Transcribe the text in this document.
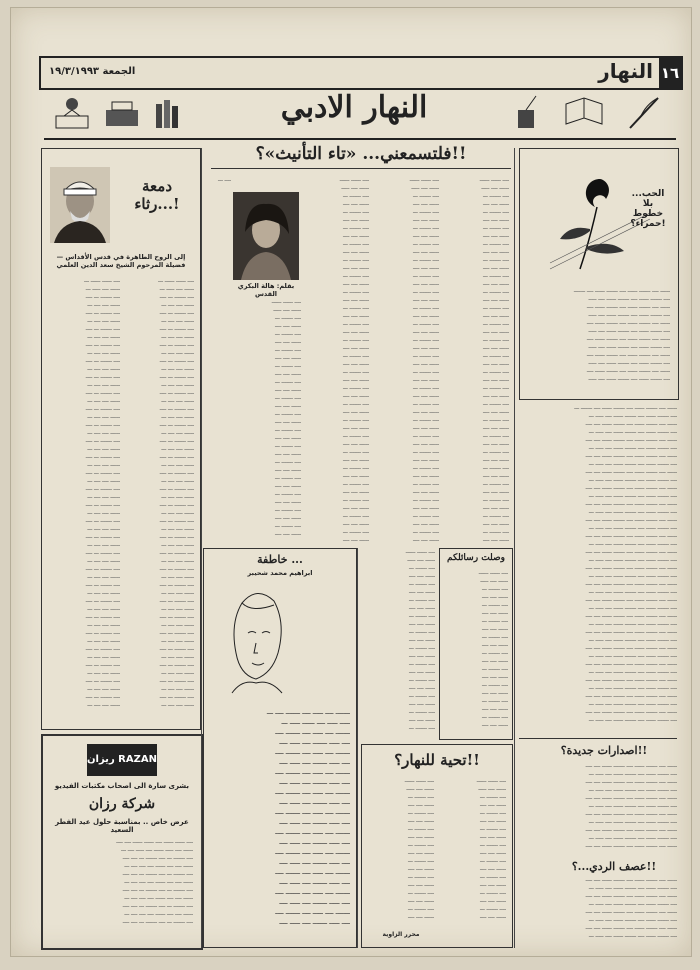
١٦
النهار
الجمعة ١٩/٣/١٩٩٣
النهار الادبي
فلتسمعني... «تاء التأنيث»؟!!
الحب... بلا خطوط حمراء؟!

ــــــ ــــ ـــــــ ــــــ ــــ ـــــــ ــــــ ــــ ـــــــ

ــــ ـــــــ ــــــ ــــ ـــــــ ــــــ ــــ ـــــ

ــــــ ــــ ـــــــ ــــــ ــــ ـــــــ ــــــ ــــ

ــــ ـــــــ ــــــ ــــ ـــــــ ــــــ ــــ ـــــ

ــــــ ــــ ـــــــ ــــــ ــــ ـــــــ ــــــ ــــ

ــــ ـــــــ ــــــ ــــ ـــــــ ــــــ ــــ ـــــ

ــــــ ــــ ـــــــ ــــــ ــــ ـــــــ ــــــ ــــ

ــــ ـــــــ ــــــ ــــ ـــــــ ــــــ ــــ ـــــ

ــــــ ــــ ـــــــ ــــــ ــــ ـــــــ ــــــ ــــ

ــــ ـــــــ ــــــ ــــ ـــــــ ــــــ ــــ ـــــ

ــــــ ــــ ـــــــ ــــــ ــــ ـــــــ ــــــ ــــ

ــــ ـــــــ ــــــ ــــ ـــــــ ــــــ ــــ ـــــ

ــــــ ــــ ـــــــ ــــــ ــــ ـــــــ ــــــ ــــ ـــــــ ـــ

ــــ ـــــــ ــــــ ــــ ـــــــ ــــــ ــــ ـــــ ـــ

ــــــ ــــ ـــــــ ــــــ ــــ ـــــــ ــــــ ــــ ــــ

ــــ ـــــــ ــــــ ــــ ـــــــ ــــــ ــــ ـــــ ـــ

ــــــ ــــ ـــــــ ــــــ ــــ ـــــــ ــــــ ــــ ــــ

ــــ ـــــــ ــــــ ــــ ـــــــ ــــــ ــــ ـــــ ـــ

ــــــ ــــ ـــــــ ــــــ ــــ ـــــــ ــــــ ــــ ــــ

ــــ ـــــــ ــــــ ــــ ـــــــ ــــــ ــــ ـــــ ـــ

ــــــ ــــ ـــــــ ــــــ ــــ ـــــــ ــــــ ــــ ــــ

ــــ ـــــــ ــــــ ــــ ـــــــ ــــــ ــــ ـــــ ـــ

ــــــ ــــ ـــــــ ــــــ ــــ ـــــــ ــــــ ــــ ــــ

ــــ ـــــــ ــــــ ــــ ـــــــ ــــــ ــــ ـــــ ـــ

ــــــ ــــ ـــــــ ــــــ ــــ ـــــــ ــــــ ــــ ــــ

ــــ ـــــــ ــــــ ــــ ـــــــ ــــــ ــــ ـــــ ـــ

ــــــ ــــ ـــــــ ــــــ ــــ ـــــــ ــــــ ــــ ــــ

ــــ ـــــــ ــــــ ــــ ـــــــ ــــــ ــــ ـــــ ـــ

ــــــ ــــ ـــــــ ــــــ ــــ ـــــــ ــــــ ــــ ــــ

ــــ ـــــــ ــــــ ــــ ـــــــ ــــــ ــــ ـــــ ـــ

ــــــ ــــ ـــــــ ــــــ ــــ ـــــــ ــــــ ــــ ــــ

ــــ ـــــــ ــــــ ــــ ـــــــ ــــــ ــــ ـــــ ـــ

ــــــ ــــ ـــــــ ــــــ ــــ ـــــــ ــــــ ــــ ــــ

ــــ ـــــــ ــــــ ــــ ـــــــ ــــــ ــــ ـــــ ـــ

ــــــ ــــ ـــــــ ــــــ ــــ ـــــــ ــــــ ــــ ــــ

ــــ ـــــــ ــــــ ــــ ـــــــ ــــــ ــــ ـــــ ـــ

ــــــ ــــ ـــــــ ــــــ ــــ ـــــــ ــــــ ــــ ــــ

ــــ ـــــــ ــــــ ــــ ـــــــ ــــــ ــــ ـــــ ـــ

ــــــ ــــ ـــــــ ــــــ ــــ ـــــــ ــــــ ــــ ــــ

ــــ ـــــــ ــــــ ــــ ـــــــ ــــــ ــــ ـــــ ـــ

ــــــ ــــ ـــــــ ــــــ ــــ ـــــــ ــــــ ــــ ــــ

ــــ ـــــــ ــــــ ــــ ـــــــ ــــــ ــــ ـــــ ـــ

ــــــ ــــ ـــــــ ــــــ ــــ ـــــــ ــــــ ــــ ــــ

ــــ ـــــــ ــــــ ــــ ـــــــ ــــــ ــــ ـــــ ـــ

ــــــ ــــ ـــــــ ــــــ ــــ ـــــــ ــــــ ــــ ــــ

ــــ ـــــــ ــــــ ــــ ـــــــ ــــــ ــــ ـــــ ـــ

ــــــ ــــ ـــــــ ــــــ ــــ ـــــــ ــــــ ــــ ــــ

ــــ ـــــــ ــــــ ــــ ـــــــ ــــــ ــــ ـــــ ـــ

ــــــ ــــ ـــــــ ــــــ ــــ ـــــــ ــــــ ــــ ــــ

ــــ ـــــــ ــــــ ــــ ـــــــ ــــــ ــــ ـــــ ـــ

ــــــ ــــ ـــــــ ــــــ ــــ ـــــــ ــــــ ــــ ــــ

ــــ ـــــــ ــــــ ــــ ـــــــ ــــــ ــــ ـــــ ـــ

اصدارات جديدة؟!!

ــــــ ــــ ـــــــ ــــــ ــــ ـــــــ ــــــ ــــ ــــ

ــــ ـــــــ ــــــ ــــ ـــــــ ــــــ ــــ ـــــ ـــ

ــــــ ــــ ـــــــ ــــــ ــــ ـــــــ ــــــ ــــ ــــ

ــــ ـــــــ ــــــ ــــ ـــــــ ــــــ ــــ ـــــ ـــ

ــــــ ــــ ـــــــ ــــــ ــــ ـــــــ ــــــ ــــ ــــ

ــــ ـــــــ ــــــ ــــ ـــــــ ــــــ ــــ ـــــ ـــ

ــــــ ــــ ـــــــ ــــــ ــــ ـــــــ ــــــ ــــ ــــ

ــــ ـــــــ ــــــ ــــ ـــــــ ــــــ ــــ ـــــ ـــ

ــــــ ــــ ـــــــ ــــــ ــــ ـــــــ ــــــ ــــ ــــ

ــــ ـــــــ ــــــ ــــ ـــــــ ــــــ ــــ ـــــ ـــ

ــــــ ــــ ـــــــ ــــــ ــــ ـــــــ ــــــ ــــ ــــ

عصف الردي...؟!!

ــــــ ــــ ـــــــ ــــــ ــــ ـــــــ ــــــ ــــ ــــ

ــــ ـــــــ ــــــ ــــ ـــــــ ــــــ ــــ ـــــ ـــ

ــــــ ــــ ـــــــ ــــــ ــــ ـــــــ ــــــ ــــ ــــ

ــــ ـــــــ ــــــ ــــ ـــــــ ــــــ ــــ ـــــ ـــ

ــــــ ــــ ـــــــ ــــــ ــــ ـــــــ ــــــ ــــ ــــ

ــــ ـــــــ ــــــ ــــ ـــــــ ــــــ ــــ ـــــ ـــ

ــــــ ــــ ـــــــ ــــــ ــــ ـــــــ ــــــ ــــ ــــ

ــــ ـــــــ ــــــ ــــ ـــــــ ــــــ ــــ ـــــ ـــ

ــــ ــــــ ــــــ

ــــــ ــــ ـــــ

ــــ ـــــــ ـــ

ــــــ ــــ ــــ

ــــ ـــــــ ـــ

ــــــ ــــ ــــ

ــــ ـــــــ ـــ

ــــــ ــــ ــــ

ــــ ـــــــ ـــ

ــــــ ــــ ــــ

ــــ ـــــــ ـــ

ــــــ ــــ ــــ

ــــ ـــــــ ـــ

ــــــ ــــ ــــ

ــــ ـــــــ ـــ

ــــــ ــــ ــــ

ــــ ـــــــ ـــ

ــــــ ــــ ــــ

ــــ ـــــــ ـــ

ــــــ ــــ ــــ

ــــ ـــــــ ـــ

ــــــ ــــ ــــ

ــــ ـــــــ ـــ

ــــــ ــــ ــــ

ــــ ـــــــ ـــ

ــــــ ــــ ــــ

ــــ ـــــــ ـــ

ــــــ ــــ ــــ

ــــ ـــــــ ـــ

ــــــ ــــ ــــ

ــــ ـــــــ ـــ

ــــــ ــــ ــــ

ــــ ـــــــ ـــ

ــــــ ــــ ــــ

ــــ ـــــــ ـــ

ــــــ ــــ ــــ

ــــ ـــــــ ـــ

ــــــ ــــ ــــ

ــــ ـــــــ ـــ

ــــــ ــــ ــــ

ــــ ـــــــ ـــ

ــــــ ــــ ــــ

ــــ ـــــــ ـــ

ــــــ ــــ ــــ

ــــ ـــــــ ـــ

ــــــ ــــ ــــ

ــــ ــــــ ــــــ

ــــــ ــــ ـــــ

ــــ ـــــــ ـــ

ــــــ ــــ ــــ

ــــ ـــــــ ـــ

ــــــ ــــ ــــ

ــــ ـــــــ ـــ

ــــــ ــــ ــــ

ــــ ـــــــ ـــ

ــــــ ــــ ــــ

ــــ ـــــــ ـــ

ــــــ ــــ ــــ

ــــ ـــــــ ـــ

ــــــ ــــ ــــ

ــــ ـــــــ ـــ

ــــــ ــــ ــــ

ــــ ـــــــ ـــ

ــــــ ــــ ــــ

ــــ ـــــــ ـــ

ــــــ ــــ ــــ

ــــ ـــــــ ـــ

ــــــ ــــ ــــ

ــــ ـــــــ ـــ

ــــــ ــــ ــــ

ــــ ـــــــ ـــ

ــــــ ــــ ــــ

ــــ ـــــــ ـــ

ــــــ ــــ ــــ

ــــ ـــــــ ـــ

ــــــ ــــ ــــ

ــــ ـــــــ ـــ

ــــــ ــــ ــــ

ــــ ـــــــ ـــ

ــــــ ــــ ــــ

ــــ ـــــــ ـــ

ــــــ ــــ ــــ

ــــ ـــــــ ـــ

ــــــ ــــ ــــ

ــــ ـــــــ ـــ

ــــــ ــــ ــــ

ــــ ـــــــ ـــ

ــــــ ــــ ــــ

ــــ ـــــــ ـــ

ــــــ ــــ ــــ

ــــ ـــــــ ـــ

ــــــ ــــ ــــ

ــــ ــــــ ــــــ

ــــــ ــــ ـــــ

ــــ ـــــــ ـــ

ــــــ ــــ ــــ

ــــ ـــــــ ـــ

ــــــ ــــ ــــ

ــــ ـــــــ ـــ

ــــــ ــــ ــــ

ــــ ـــــــ ـــ

ــــــ ــــ ــــ

ــــ ـــــــ ـــ

ــــــ ــــ ــــ

ــــ ـــــــ ـــ

ــــــ ــــ ــــ

ــــ ـــــــ ـــ

ــــــ ــــ ــــ

ــــ ـــــــ ـــ

ــــــ ــــ ــــ

ــــ ـــــــ ـــ

ــــــ ــــ ــــ

ــــ ـــــــ ـــ

ــــــ ــــ ــــ

ــــ ـــــــ ـــ

ــــــ ــــ ــــ

ــــ ـــــــ ـــ

ــــــ ــــ ــــ

ــــ ـــــــ ـــ

ــــــ ــــ ــــ

ــــ ـــــــ ـــ

ــــــ ــــ ــــ

ــــ ـــــــ ـــ

ــــــ ــــ ــــ

ــــ ـــــــ ـــ

ــــــ ــــ ــــ

ــــ ـــــــ ـــ

ــــــ ــــ ــــ

ــــ ـــــــ ـــ

ــــــ ــــ ــــ

ــــ ـــــــ ـــ

ــــــ ــــ ــــ

ــــ ـــــــ ـــ

ــــــ ــــ ــــ

ــــ ـــــــ ـــ

ــــــ ــــ ــــ

ــــ ـــــــ ـــ

ــــــ ــــ ــــ

بقلم: هالة البكري القدس

ــــ ــــــ ــــــ

ــــــ ــــ ـــــ

ــــ ـــــــ ـــ

ــــــ ــــ ــــ

ــــ ـــــــ ـــ

ــــــ ــــ ــــ

ــــ ـــــــ ـــ

ــــــ ــــ ــــ

ــــ ـــــــ ـــ

ــــــ ــــ ــــ

ــــ ـــــــ ـــ

ــــــ ــــ ــــ

ــــ ـــــــ ـــ

ــــــ ــــ ــــ

ــــ ـــــــ ـــ

ــــــ ــــ ــــ

ــــ ـــــــ ـــ

ــــــ ــــ ــــ

ــــ ـــــــ ـــ

ــــــ ــــ ــــ

ــــ ـــــــ ـــ

ــــــ ــــ ــــ

ــــ ـــــــ ـــ

ــــــ ــــ ــــ

ــــ ـــــــ ـــ

ــــــ ــــ ــــ

ــــ ـــــــ ـــ

ــــــ ــــ ــــ

ــــ ـــــــ ـــ

ــــــ ــــ ــــ

ــــ ـــ

دمعة رثاء...!
إلى الروح الطاهرة في قدس الأقداس — فضيلة المرحوم الشيخ سعد الدين العلمي

ــــ ــــــ ــــــ ـــ

ــــــ ــــ ـــــ ـــ

ــــ ـــــــ ـــ ــــ

ــــــ ــــ ــــ ـــ

ــــ ـــــــ ـــ ــــ

ــــــ ــــ ــــ ـــ

ــــ ـــــــ ـــ ــــ

ــــــ ــــ ــــ ـــ

ــــ ـــــــ ـــ ــــ

ــــــ ــــ ــــ ـــ

ــــ ـــــــ ـــ ــــ

ــــــ ــــ ــــ ـــ

ــــ ـــــــ ـــ ــــ

ــــــ ــــ ــــ ـــ

ــــ ـــــــ ـــ ــــ

ــــــ ــــ ــــ ـــ

ــــ ـــــــ ـــ ــــ

ــــــ ــــ ــــ ـــ

ــــ ـــــــ ـــ ــــ

ــــــ ــــ ــــ ـــ

ــــ ـــــــ ـــ ــــ

ــــــ ــــ ــــ ـــ

ــــ ـــــــ ـــ ــــ

ــــــ ــــ ــــ ـــ

ــــ ـــــــ ـــ ــــ

ــــــ ــــ ــــ ـــ

ــــ ـــــــ ـــ ــــ

ــــــ ــــ ــــ ـــ

ــــ ـــــــ ـــ ــــ

ــــــ ــــ ــــ ـــ

ــــ ـــــــ ـــ ــــ

ــــــ ــــ ــــ ـــ

ــــ ـــــــ ـــ ــــ

ــــــ ــــ ــــ ـــ

ــــ ـــــــ ـــ ــــ

ــــــ ــــ ــــ ـــ

ــــ ـــــــ ـــ ــــ

ــــــ ــــ ــــ ـــ

ــــ ـــــــ ـــ ــــ

ــــــ ــــ ــــ ـــ

ــــ ـــــــ ـــ ــــ

ــــــ ــــ ــــ ـــ

ــــ ـــــــ ـــ ــــ

ــــــ ــــ ــــ ـــ

ــــ ـــــــ ـــ ــــ

ــــــ ــــ ــــ ـــ

ــــ ـــــــ ـــ ــــ

ــــــ ــــ ــــ ـــ

ــــ ـــــــ ـــ ــــ

ــــــ ــــ ــــ ـــ

ــــ ـــــــ ـــ ــــ

ــــــ ــــ ــــ ـــ

ــــ ـــــــ ـــ ــــ

ــــــ ــــ ــــ ـــ

ــــ ــــــ ــــــ ـــ

ــــــ ــــ ـــــ ـــ

ــــ ـــــــ ـــ ــــ

ــــــ ــــ ــــ ـــ

ــــ ـــــــ ـــ ــــ

ــــــ ــــ ــــ ـــ

ــــ ـــــــ ـــ ــــ

ــــــ ــــ ــــ ـــ

ــــ ـــــــ ـــ ــــ

ــــــ ــــ ــــ ـــ

ــــ ـــــــ ـــ ــــ

ــــــ ــــ ــــ ـــ

ــــ ـــــــ ـــ ــــ

ــــــ ــــ ــــ ـــ

ــــ ـــــــ ـــ ــــ

ــــــ ــــ ــــ ـــ

ــــ ـــــــ ـــ ــــ

ــــــ ــــ ــــ ـــ

ــــ ـــــــ ـــ ــــ

ــــــ ــــ ــــ ـــ

ــــ ـــــــ ـــ ــــ

ــــــ ــــ ــــ ـــ

ــــ ـــــــ ـــ ــــ

ــــــ ــــ ــــ ـــ

ــــ ـــــــ ـــ ــــ

ــــــ ــــ ــــ ـــ

ــــ ـــــــ ـــ ــــ

ــــــ ــــ ــــ ـــ

ــــ ـــــــ ـــ ــــ

ــــــ ــــ ــــ ـــ

ــــ ـــــــ ـــ ــــ

ــــــ ــــ ــــ ـــ

ــــ ـــــــ ـــ ــــ

ــــــ ــــ ــــ ـــ

ــــ ـــــــ ـــ ــــ

ــــــ ــــ ــــ ـــ

ــــ ـــــــ ـــ ــــ

ــــــ ــــ ــــ ـــ

ــــ ـــــــ ـــ ــــ

ــــــ ــــ ــــ ـــ

ــــ ـــــــ ـــ ــــ

ــــــ ــــ ــــ ـــ

ــــ ـــــــ ـــ ــــ

ــــــ ــــ ــــ ـــ

ــــ ـــــــ ـــ ــــ

ــــــ ــــ ــــ ـــ

ــــ ـــــــ ـــ ــــ

ــــــ ــــ ــــ ـــ

ــــ ـــــــ ـــ ــــ

ــــــ ــــ ــــ ـــ

ــــ ـــــــ ـــ ــــ

ــــــ ــــ ــــ ـــ

ــــ ـــــــ ـــ ــــ

ــــــ ــــ ــــ ـــ

ريزان RAZAN
بشرى سارة الى اصحاب مكتبات الفيديو
شركة رزان
عرض خاص .. بمناسبة حلول عيد الفطر السعيد

ــــ ــــــ ــــــ ــــ ــــــ ــــــ ــــ ــــ

ــــــ ــــ ـــــ ــــــ ــــ ـــــ ــــ ـــ

ــــ ـــــــ ـــ ــــ ـــــــ ـــ ــــ ــــ

ــــــ ــــ ــــ ــــــ ــــ ــــ ــــ ـــ

ــــ ـــــــ ـــ ــــ ـــــــ ـــ ــــ ــــ

ــــــ ــــ ــــ ــــــ ــــ ــــ ــــ ـــ

ــــ ـــــــ ـــ ــــ ـــــــ ـــ ــــ ــــ

ــــــ ــــ ــــ ــــــ ــــ ــــ ــــ ـــ

ــــ ـــــــ ـــ ــــ ـــــــ ـــ ــــ ــــ

ــــــ ــــ ــــ ــــــ ــــ ــــ ــــ ـــ

ــــ ـــــــ ـــ ــــ ـــــــ ـــ ــــ ــــ

خاطفة ...
ابراهيم محمد شحيبر

ـــــــ ــــ ـــــ ــــ ـــــــ ــــ ـــ

ـــــ ـــــ ــــ ــــــ ـــــ ـــ

ـــــــ ــــ ـــــ ــــ ـــــــ ــــ

ــــ ـــــ ـــــــ ــــ ـــــ ــــ

ـــــــ ــــ ـــــ ــــ ـــــــ ــــ

ــــ ـــــ ـــــــ ــــ ـــــ ــــ

ـــــــ ــــ ـــــ ــــ ـــــــ ــــ

ــــ ـــــ ـــــــ ــــ ـــــ ــــ

ـــــــ ــــ ـــــ ــــ ـــــــ ــــ

ــــ ـــــ ـــــــ ــــ ـــــ ــــ

ـــــــ ــــ ـــــ ــــ ـــــــ ــــ

ــــ ـــــ ـــــــ ــــ ـــــ ــــ

ـــــــ ــــ ـــــ ــــ ـــــــ ــــ

ــــ ـــــ ـــــــ ــــ ـــــ ــــ

ـــــــ ــــ ـــــ ــــ ـــــــ ــــ

ــــ ـــــ ـــــــ ــــ ـــــ ــــ

ـــــــ ــــ ـــــ ــــ ـــــــ ــــ

ــــ ـــــ ـــــــ ــــ ـــــ ــــ

ـــــــ ــــ ـــــ ــــ ـــــــ ــــ

ــــ ـــــ ـــــــ ــــ ـــــ ــــ

ـــــــ ــــ ـــــ ــــ ـــــــ ــــ

ــــ ـــــ ـــــــ ــــ ـــــ ــــ

ــــ ــــــ ــــــ

ــــــ ــــ ـــــ

ــــ ـــــــ ـــ

ــــــ ــــ ــــ

ــــ ـــــــ ـــ

ــــــ ــــ ــــ

ــــ ـــــــ ـــ

ــــــ ــــ ــــ

ــــ ـــــــ ـــ

ــــــ ــــ ــــ

ــــ ـــــــ ـــ

ــــــ ــــ ــــ

ــــ ـــــــ ـــ

ــــــ ــــ ــــ

ــــ ـــــــ ـــ

ــــــ ــــ ــــ

ــــ ـــــــ ـــ

ــــــ ــــ ــــ

ــــ ـــــــ ـــ

ــــــ ــــ ــــ

ــــ ـــــــ ـــ

ــــــ ــــ ــــ

ــــ ـــــــ ـــ

وصلت رسائلكم

ــــ ــــــ ــــــ

ــــــ ــــ ـــــ

ــــ ـــــــ ـــ

ــــــ ــــ ــــ

ــــ ـــــــ ـــ

ــــــ ــــ ــــ

ــــ ـــــــ ـــ

ــــــ ــــ ــــ

ــــ ـــــــ ـــ

ــــــ ــــ ــــ

ــــ ـــــــ ـــ

ــــــ ــــ ــــ

ــــ ـــــــ ـــ

ــــــ ــــ ــــ

ــــ ـــــــ ـــ

ــــــ ــــ ــــ

ــــ ـــــــ ـــ

ــــــ ــــ ــــ

ــــ ـــــــ ـــ

ــــــ ــــ ــــ

تحية للنهار؟!!

ــــ ــــــ ــــــ

ــــــ ــــ ـــــ

ــــ ـــــــ ـــ

ــــــ ــــ ــــ

ــــ ـــــــ ـــ

ــــــ ــــ ــــ

ــــ ـــــــ ـــ

ــــــ ــــ ــــ

ــــ ـــــــ ـــ

ــــــ ــــ ــــ

ــــ ـــــــ ـــ

ــــــ ــــ ــــ

ــــ ـــــــ ـــ

ــــــ ــــ ــــ

ــــ ـــــــ ـــ

ــــــ ــــ ــــ

ــــ ـــــــ ـــ

ــــــ ــــ ــــ

ــــ ــــــ ــــــ

ــــــ ــــ ـــــ

ــــ ـــــــ ـــ

ــــــ ــــ ــــ

ــــ ـــــــ ـــ

ــــــ ــــ ــــ

ــــ ـــــــ ـــ

ــــــ ــــ ــــ

ــــ ـــــــ ـــ

ــــــ ــــ ــــ

ــــ ـــــــ ـــ

ــــــ ــــ ــــ

ــــ ـــــــ ـــ

ــــــ ــــ ــــ

ــــ ـــــــ ـــ

ــــــ ــــ ــــ

ــــ ـــــــ ـــ

ــــــ ــــ ــــ

محرر الزاوية
